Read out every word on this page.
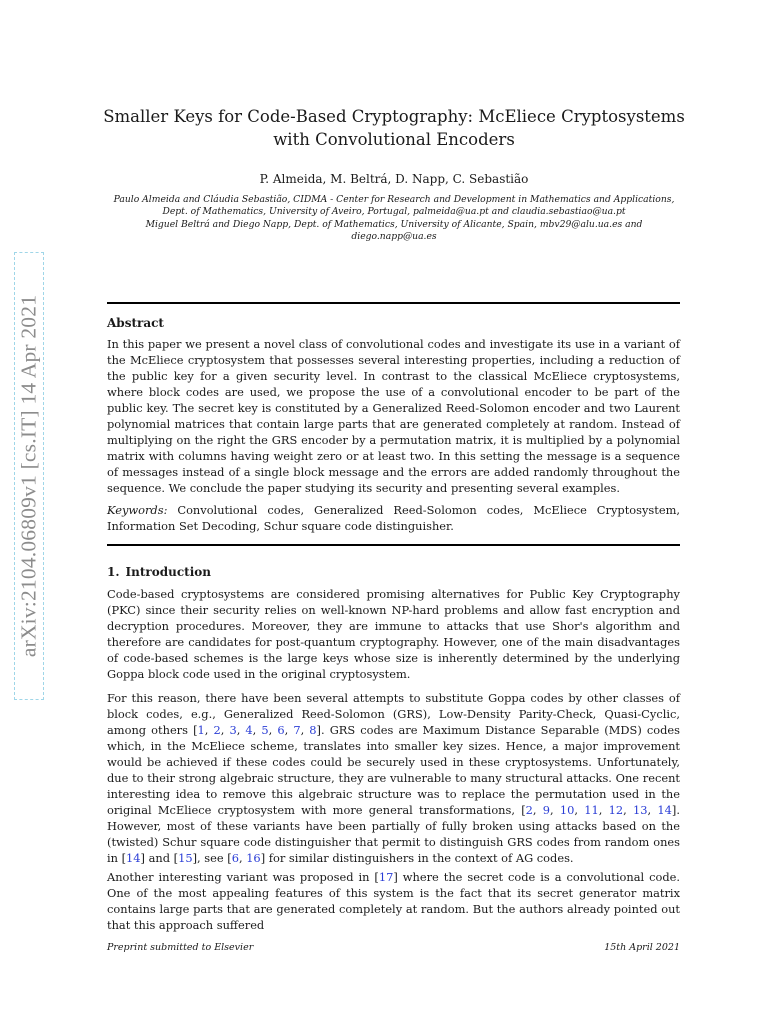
arXiv:2104.06809v1 [cs.IT] 14 Apr 2021
Smaller Keys for Code-Based Cryptography: McEliece Cryptosystems
with Convolutional Encoders
P. Almeida, M. Beltrá, D. Napp, C. Sebastião
Paulo Almeida and Cláudia Sebastião, CIDMA - Center for Research and Development in Mathematics and Applications,
Dept. of Mathematics, University of Aveiro, Portugal, palmeida@ua.pt and claudia.sebastiao@ua.pt
Miguel Beltrá and Diego Napp, Dept. of Mathematics, University of Alicante, Spain, mbv29@alu.ua.es and
diego.napp@ua.es
Abstract
In this paper we present a novel class of convolutional codes and investigate its use in a variant of the McEliece cryptosystem that possesses several interesting properties, including a reduction of the public key for a given security level. In contrast to the classical McEliece cryptosystems, where block codes are used, we propose the use of a convolutional encoder to be part of the public key. The secret key is constituted by a Generalized Reed-Solomon encoder and two Laurent polynomial matrices that contain large parts that are generated completely at random. Instead of multiplying on the right the GRS encoder by a permutation matrix, it is multiplied by a polynomial matrix with columns having weight zero or at least two. In this setting the message is a sequence of messages instead of a single block message and the errors are added randomly throughout the sequence. We conclude the paper studying its security and presenting several examples.
Keywords: Convolutional codes, Generalized Reed-Solomon codes, McEliece Cryptosystem, Information Set Decoding, Schur square code distinguisher.
1. Introduction

Code-based cryptosystems are considered promising alternatives for Public Key Cryptography (PKC) since their security relies on well-known NP-hard problems and allow fast encryption and decryption procedures. Moreover, they are immune to attacks that use Shor's algorithm and therefore are candidates for post-quantum cryptography. However, one of the main disadvantages of code-based schemes is the large keys whose size is inherently determined by the underlying Goppa block code used in the original cryptosystem.

For this reason, there have been several attempts to substitute Goppa codes by other classes of block codes, e.g., Generalized Reed-Solomon (GRS), Low-Density Parity-Check, Quasi-Cyclic, among others [1, 2, 3, 4, 5, 6, 7, 8]. GRS codes are Maximum Distance Separable (MDS) codes which, in the McEliece scheme, translates into smaller key sizes. Hence, a major improvement would be achieved if these codes could be securely used in these cryptosystems. Unfortunately, due to their strong algebraic structure, they are vulnerable to many structural attacks. One recent interesting idea to remove this algebraic structure was to replace the permutation used in the original McEliece cryptosystem with more general transformations, [2, 9, 10, 11, 12, 13, 14]. However, most of these variants have been partially of fully broken using attacks based on the (twisted) Schur square code distinguisher that permit to distinguish GRS codes from random ones in [14] and [15], see [6, 16] for similar distinguishers in the context of AG codes.

Another interesting variant was proposed in [17] where the secret code is a convolutional code. One of the most appealing features of this system is the fact that its secret generator matrix contains large parts that are generated completely at random. But the authors already pointed out that this approach suffered

Preprint submitted to Elsevier	15th April 2021
